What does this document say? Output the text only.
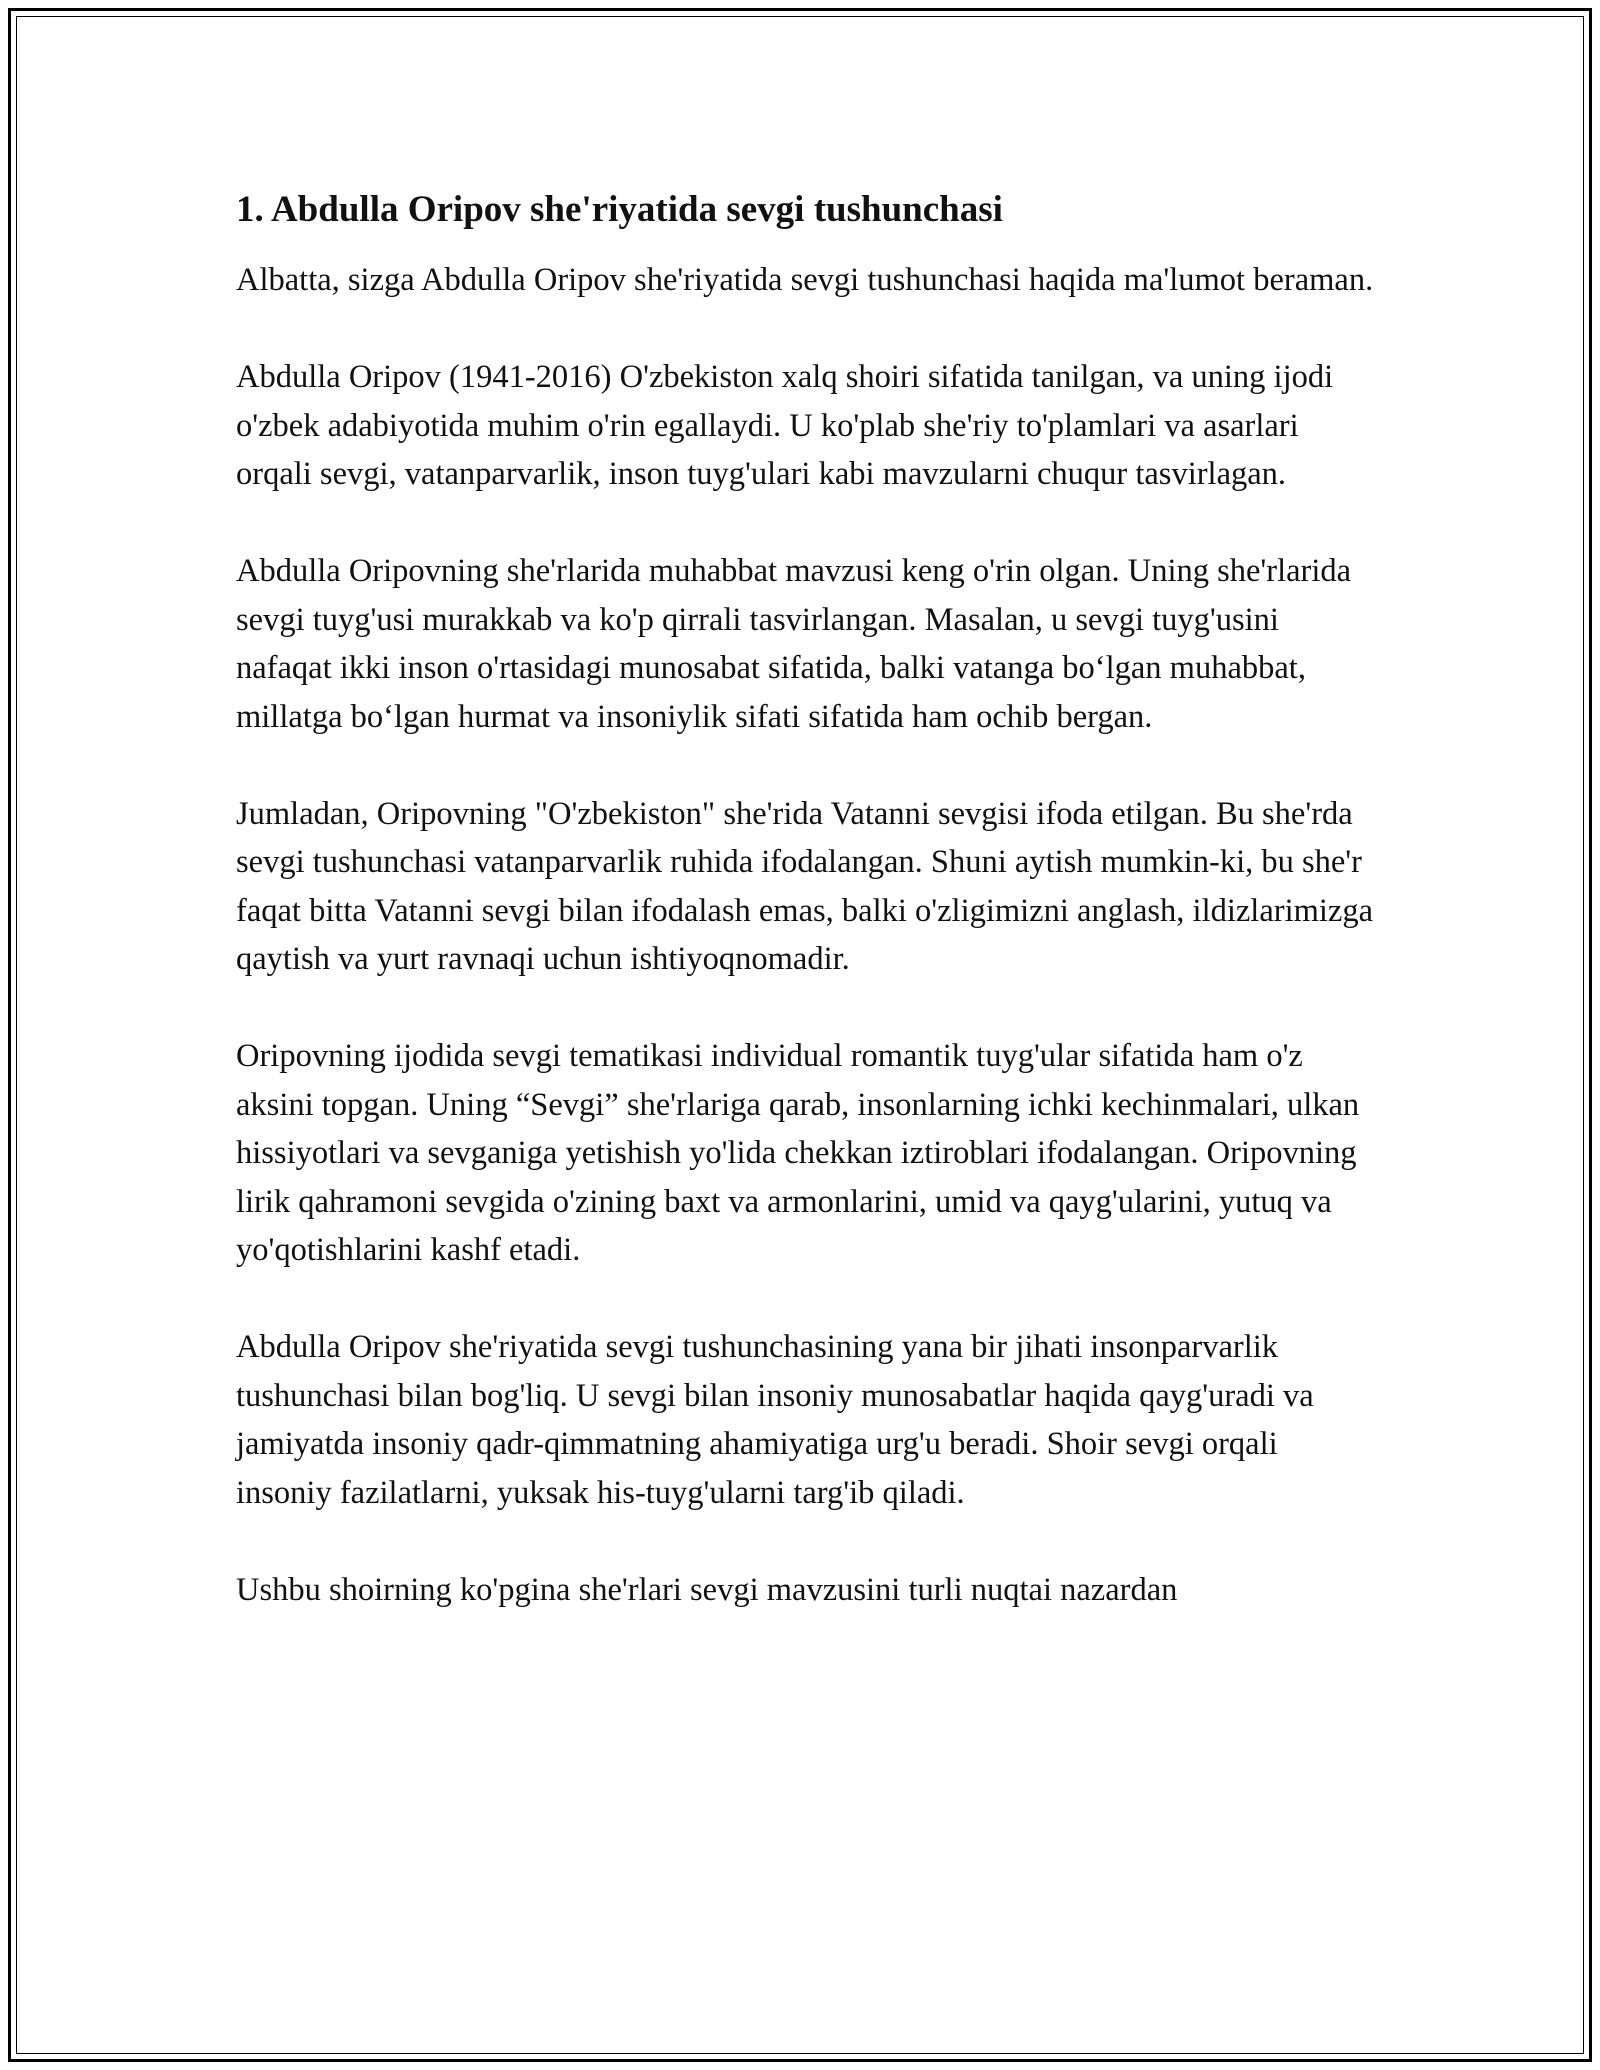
1. Abdulla Oripov she'riyatida sevgi tushunchasi

Albatta, sizga Abdulla Oripov she'riyatida sevgi tushunchasi haqida ma'lumot beraman.

Abdulla Oripov (1941-2016) O'zbekiston xalq shoiri sifatida tanilgan, va uning ijodi o'zbek adabiyotida muhim o'rin egallaydi. U ko'plab she'riy to'plamlari va asarlari orqali sevgi, vatanparvarlik, inson tuyg'ulari kabi mavzularni chuqur tasvirlagan.

Abdulla Oripovning she'rlarida muhabbat mavzusi keng o'rin olgan. Uning she'rlarida sevgi tuyg'usi murakkab va ko'p qirrali tasvirlangan. Masalan, u sevgi tuyg'usini nafaqat ikki inson o'rtasidagi munosabat sifatida, balki vatanga bo‘lgan muhabbat, millatga bo‘lgan hurmat va insoniylik sifati sifatida ham ochib bergan.

Jumladan, Oripovning "O'zbekiston" she'rida Vatanni sevgisi ifoda etilgan. Bu she'rda sevgi tushunchasi vatanparvarlik ruhida ifodalangan. Shuni aytish mumkin-ki, bu she'r faqat bitta Vatanni sevgi bilan ifodalash emas, balki o'zligimizni anglash, ildizlarimizga qaytish va yurt ravnaqi uchun ishtiyoqnomadir.

Oripovning ijodida sevgi tematikasi individual romantik tuyg'ular sifatida ham o'z aksini topgan. Uning “Sevgi” she'rlariga qarab, insonlarning ichki kechinmalari, ulkan hissiyotlari va sevganiga yetishish yo'lida chekkan iztiroblari ifodalangan. Oripovning lirik qahramoni sevgida o'zining baxt va armonlarini, umid va qayg'ularini, yutuq va yo'qotishlarini kashf etadi.

Abdulla Oripov she'riyatida sevgi tushunchasining yana bir jihati insonparvarlik tushunchasi bilan bog'liq. U sevgi bilan insoniy munosabatlar haqida qayg'uradi va jamiyatda insoniy qadr-qimmatning ahamiyatiga urg'u beradi. Shoir sevgi orqali insoniy fazilatlarni, yuksak his-tuyg'ularni targ'ib qiladi.

Ushbu shoirning ko'pgina she'rlari sevgi mavzusini turli nuqtai nazardan
